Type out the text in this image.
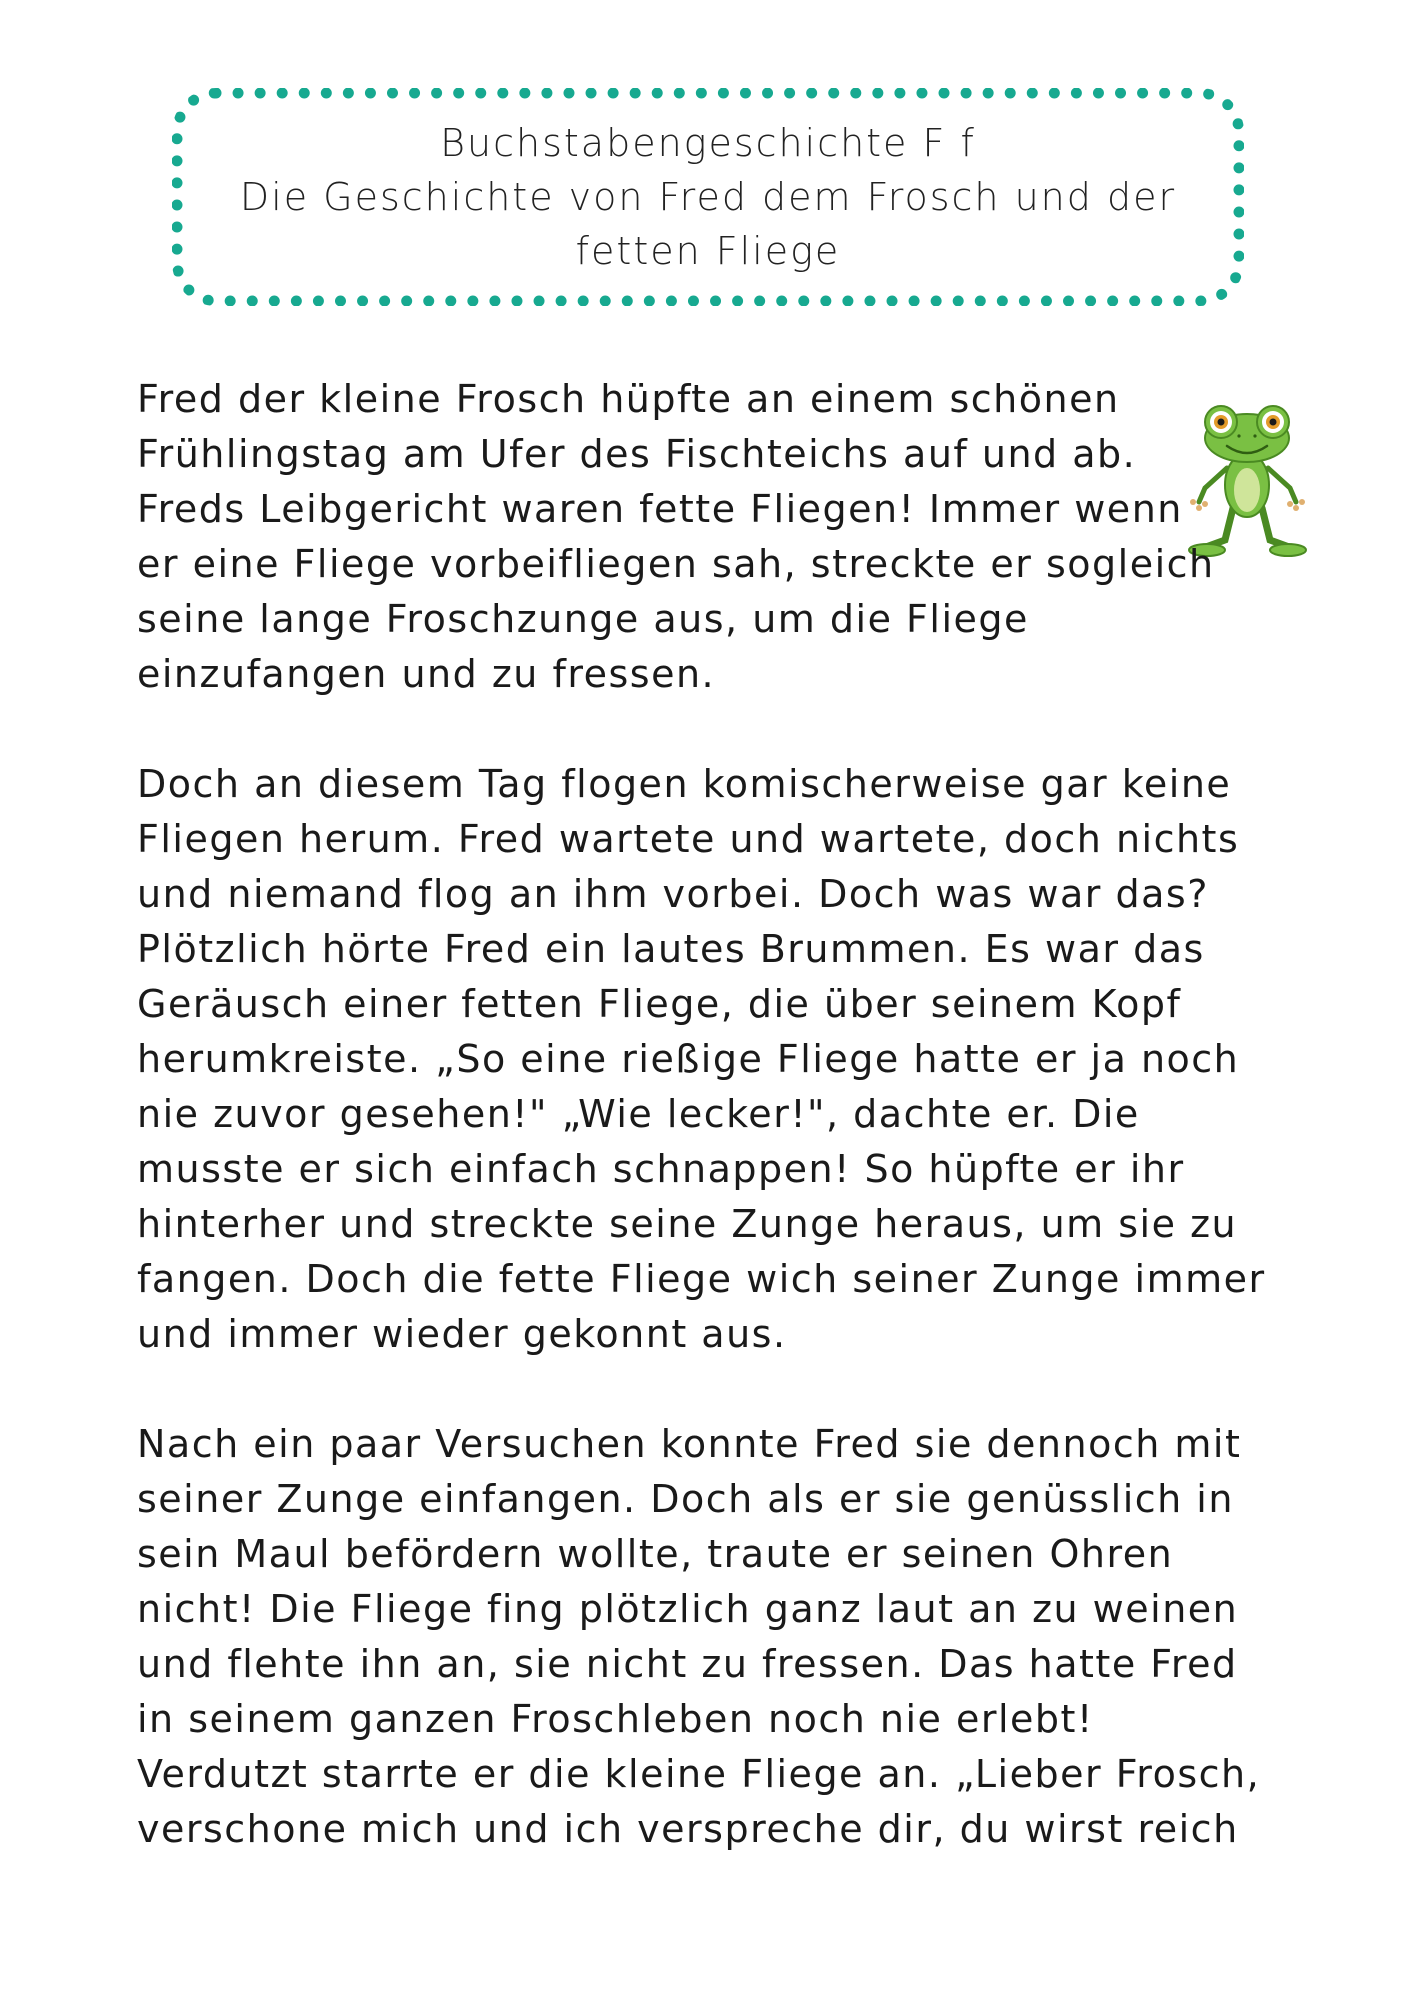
Buchstabengeschichte F f
Die Geschichte von Fred dem Frosch und der
fetten Fliege
Fred der kleine Frosch hüpfte an einem schönen
Frühlingstag am Ufer des Fischteichs auf und ab.
Freds Leibgericht waren fette Fliegen! Immer wenn
er eine Fliege vorbeifliegen sah, streckte er sogleich
seine lange Froschzunge aus, um die Fliege
einzufangen und zu fressen.
Doch an diesem Tag flogen komischerweise gar keine
Fliegen herum. Fred wartete und wartete, doch nichts
und niemand flog an ihm vorbei. Doch was war das?
Plötzlich hörte Fred ein lautes Brummen. Es war das
Geräusch einer fetten Fliege, die über seinem Kopf
herumkreiste. „So eine rießige Fliege hatte er ja noch
nie zuvor gesehen!" „Wie lecker!", dachte er. Die
musste er sich einfach schnappen! So hüpfte er ihr
hinterher und streckte seine Zunge heraus, um sie zu
fangen. Doch die fette Fliege wich seiner Zunge immer
und immer wieder gekonnt aus.
Nach ein paar Versuchen konnte Fred sie dennoch mit
seiner Zunge einfangen. Doch als er sie genüsslich in
sein Maul befördern wollte, traute er seinen Ohren
nicht! Die Fliege fing plötzlich ganz laut an zu weinen
und flehte ihn an, sie nicht zu fressen. Das hatte Fred
in seinem ganzen Froschleben noch nie erlebt!
Verdutzt starrte er die kleine Fliege an. „Lieber Frosch,
verschone mich und ich verspreche dir, du wirst reich
